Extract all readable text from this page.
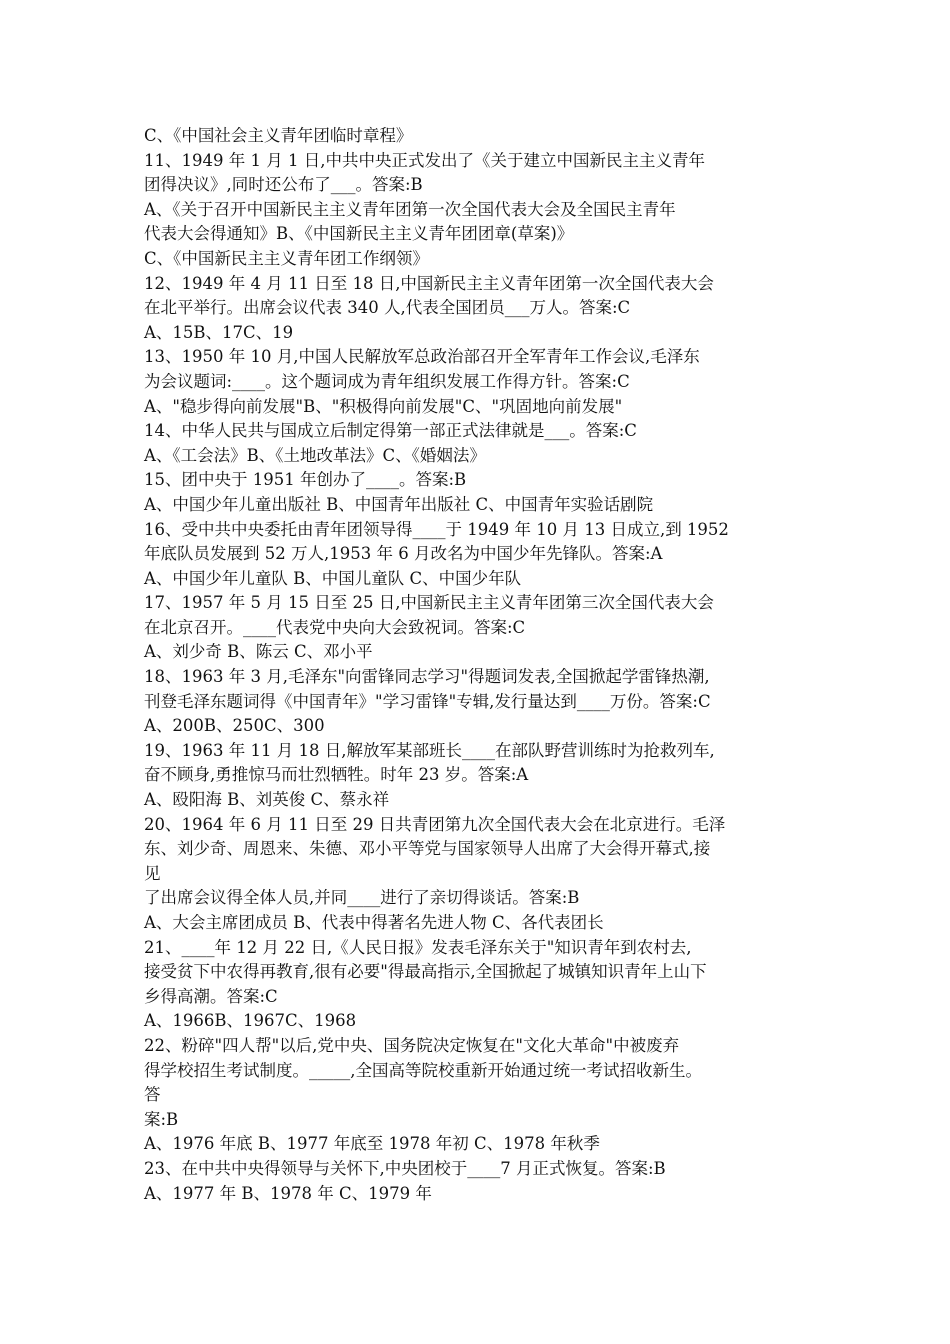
C、《中国社会主义青年团临时章程》
11、1949 年 1 月 1 日,中共中央正式发出了《关于建立中国新民主主义青年
团得决议》,同时还公布了___。答案:B
A、《关于召开中国新民主主义青年团第一次全国代表大会及全国民主青年
代表大会得通知》B、《中国新民主主义青年团团章(草案)》
C、《中国新民主主义青年团工作纲领》
12、1949 年 4 月 11 日至 18 日,中国新民主主义青年团第一次全国代表大会
在北平举行。出席会议代表 340 人,代表全国团员___万人。答案:C
A、15B、17C、19
13、1950 年 10 月,中国人民解放军总政治部召开全军青年工作会议,毛泽东
为会议题词:____。这个题词成为青年组织发展工作得方针。答案:C
A、"稳步得向前发展"B、"积极得向前发展"C、"巩固地向前发展"
14、中华人民共与国成立后制定得第一部正式法律就是___。答案:C
A、《工会法》B、《土地改革法》C、《婚姻法》
15、团中央于 1951 年创办了____。答案:B
A、中国少年儿童出版社 B、中国青年出版社 C、中国青年实验话剧院
16、受中共中央委托由青年团领导得____于 1949 年 10 月 13 日成立,到 1952
年底队员发展到 52 万人,1953 年 6 月改名为中国少年先锋队。答案:A
A、中国少年儿童队 B、中国儿童队 C、中国少年队
17、1957 年 5 月 15 日至 25 日,中国新民主主义青年团第三次全国代表大会
在北京召开。____代表党中央向大会致祝词。答案:C
A、刘少奇 B、陈云 C、邓小平
18、1963 年 3 月,毛泽东"向雷锋同志学习"得题词发表,全国掀起学雷锋热潮,
刊登毛泽东题词得《中国青年》"学习雷锋"专辑,发行量达到____万份。答案:C
A、200B、250C、300
19、1963 年 11 月 18 日,解放军某部班长____在部队野营训练时为抢救列车,
奋不顾身,勇推惊马而壮烈牺牲。时年 23 岁。答案:A
A、殴阳海 B、刘英俊 C、蔡永祥
20、1964 年 6 月 11 日至 29 日共青团第九次全国代表大会在北京进行。毛泽
东、刘少奇、周恩来、朱德、邓小平等党与国家领导人出席了大会得开幕式,接
见
了出席会议得全体人员,并同____进行了亲切得谈话。答案:B
A、大会主席团成员 B、代表中得著名先进人物 C、各代表团长
21、____年 12 月 22 日,《人民日报》发表毛泽东关于"知识青年到农村去,
接受贫下中农得再教育,很有必要"得最高指示,全国掀起了城镇知识青年上山下
乡得高潮。答案:C
A、1966B、1967C、1968
22、粉碎"四人帮"以后,党中央、国务院决定恢复在"文化大革命"中被废弃
得学校招生考试制度。_____,全国高等院校重新开始通过统一考试招收新生。
答
案:B
A、1976 年底 B、1977 年底至 1978 年初 C、1978 年秋季
23、在中共中央得领导与关怀下,中央团校于____7 月正式恢复。答案:B
A、1977 年 B、1978 年 C、1979 年
